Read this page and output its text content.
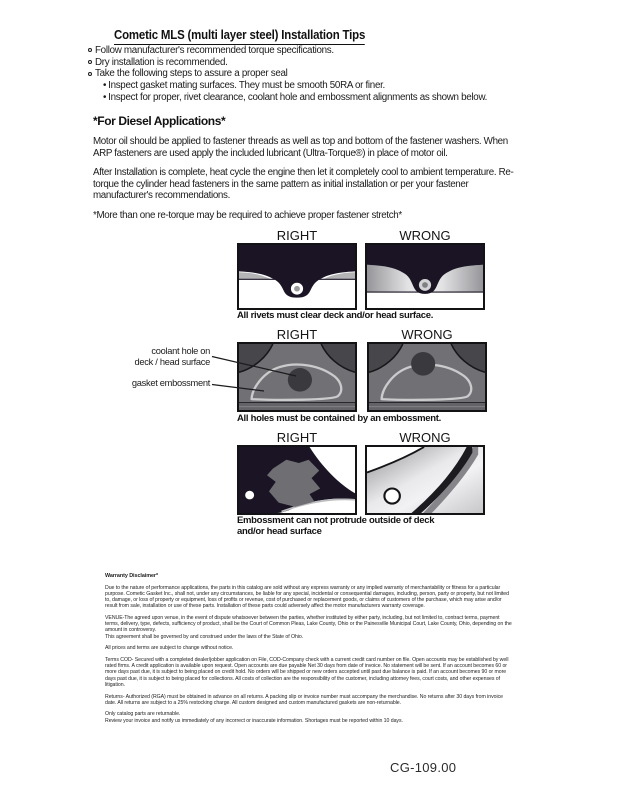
Cometic MLS (multi layer steel) Installation Tips
Follow manufacturer's recommended torque specifications.
Dry installation is recommended.
Take the following steps to assure a proper seal
• Inspect gasket mating surfaces. They must be smooth 50RA or finer.
• Inspect for proper, rivet clearance, coolant hole and embossment alignments as shown below.
*For Diesel Applications*

Motor oil should be applied to fastener threads as well as top and bottom of the fastener washers. When ARP fasteners are used apply the included lubricant (Ultra-Torque®) in place of motor oil.

After Installation is complete, heat cycle the engine then let it completely cool to ambient temperature. Re-torque the cylinder head fasteners in the same pattern as initial installation or per your fastener manufacturer's recommendations.

*More than one re-torque may be required to achieve proper fastener stretch*

RIGHT	WRONG
All rivets must clear deck and/or head surface.
RIGHT	WRONG
coolant hole on
deck / head surface
gasket embossment
All holes must be contained by an embossment.
RIGHT	WRONG
Embossment can not protrude outside of deck
and/or head surface
Warranty Disclaimer*

Due to the nature of performance applications, the parts in this catalog are sold without any express warranty or any implied warranty of merchantability or fitness for a particular purpose. Cometic Gasket Inc., shall not, under any circumstances, be liable for any special, incidental or consequential damages, including, person, party or property, but not limited to, damage, or loss of property or equipment, loss of profits or revenue, cost of purchased or replacement goods, or claims of customers of the purchase, which may arise and/or result from sale, installation or use of these parts. Installation of these parts could adversely affect the motor manufacturers warranty coverage.

VENUE-The agreed upon venue, in the event of dispute whatsoever between the parties, whether instituted by either party, including, but not limited to, contract terms, payment terms, delivery, type, defects, sufficiency of product, shall be the Court of Common Pleas, Lake County, Ohio or the Painesville Municipal Court, Lake County, Ohio, depending on the amount in controversy.

This agreement shall be governed by and construed under the laws of the State of Ohio.

All prices and terms are subject to change without notice.

Terms COD- Secured with a completed dealer/jobber application on File, COD-Company check with a current credit card number on file. Open accounts may be established by well rated firms. A credit application is available upon request. Open accounts are due payable Net 30 days from date of invoice. No statement will be sent. If an account becomes 60 or more days past due, it is subject to being placed on credit hold. No orders will be shipped or new orders accepted until past due balance is paid. If an account becomes 90 or more days past due, it is subject to being placed for collections. All costs of collection are the responsibility of the customer, including attorney fees, court costs, and other expenses of litigation.

Returns- Authorized (RGA) must be obtained in advance on all returns. A packing slip or invoice number must accompany the merchandise. No returns after 30 days from invoice date. All returns are subject to a 25% restocking charge. All custom designed and custom manufactured gaskets are non-returnable.

Only catalog parts are returnable.

Review your invoice and notify us immediately of any incorrect or inaccurate information. Shortages must be reported within 10 days.

CG-109.00
